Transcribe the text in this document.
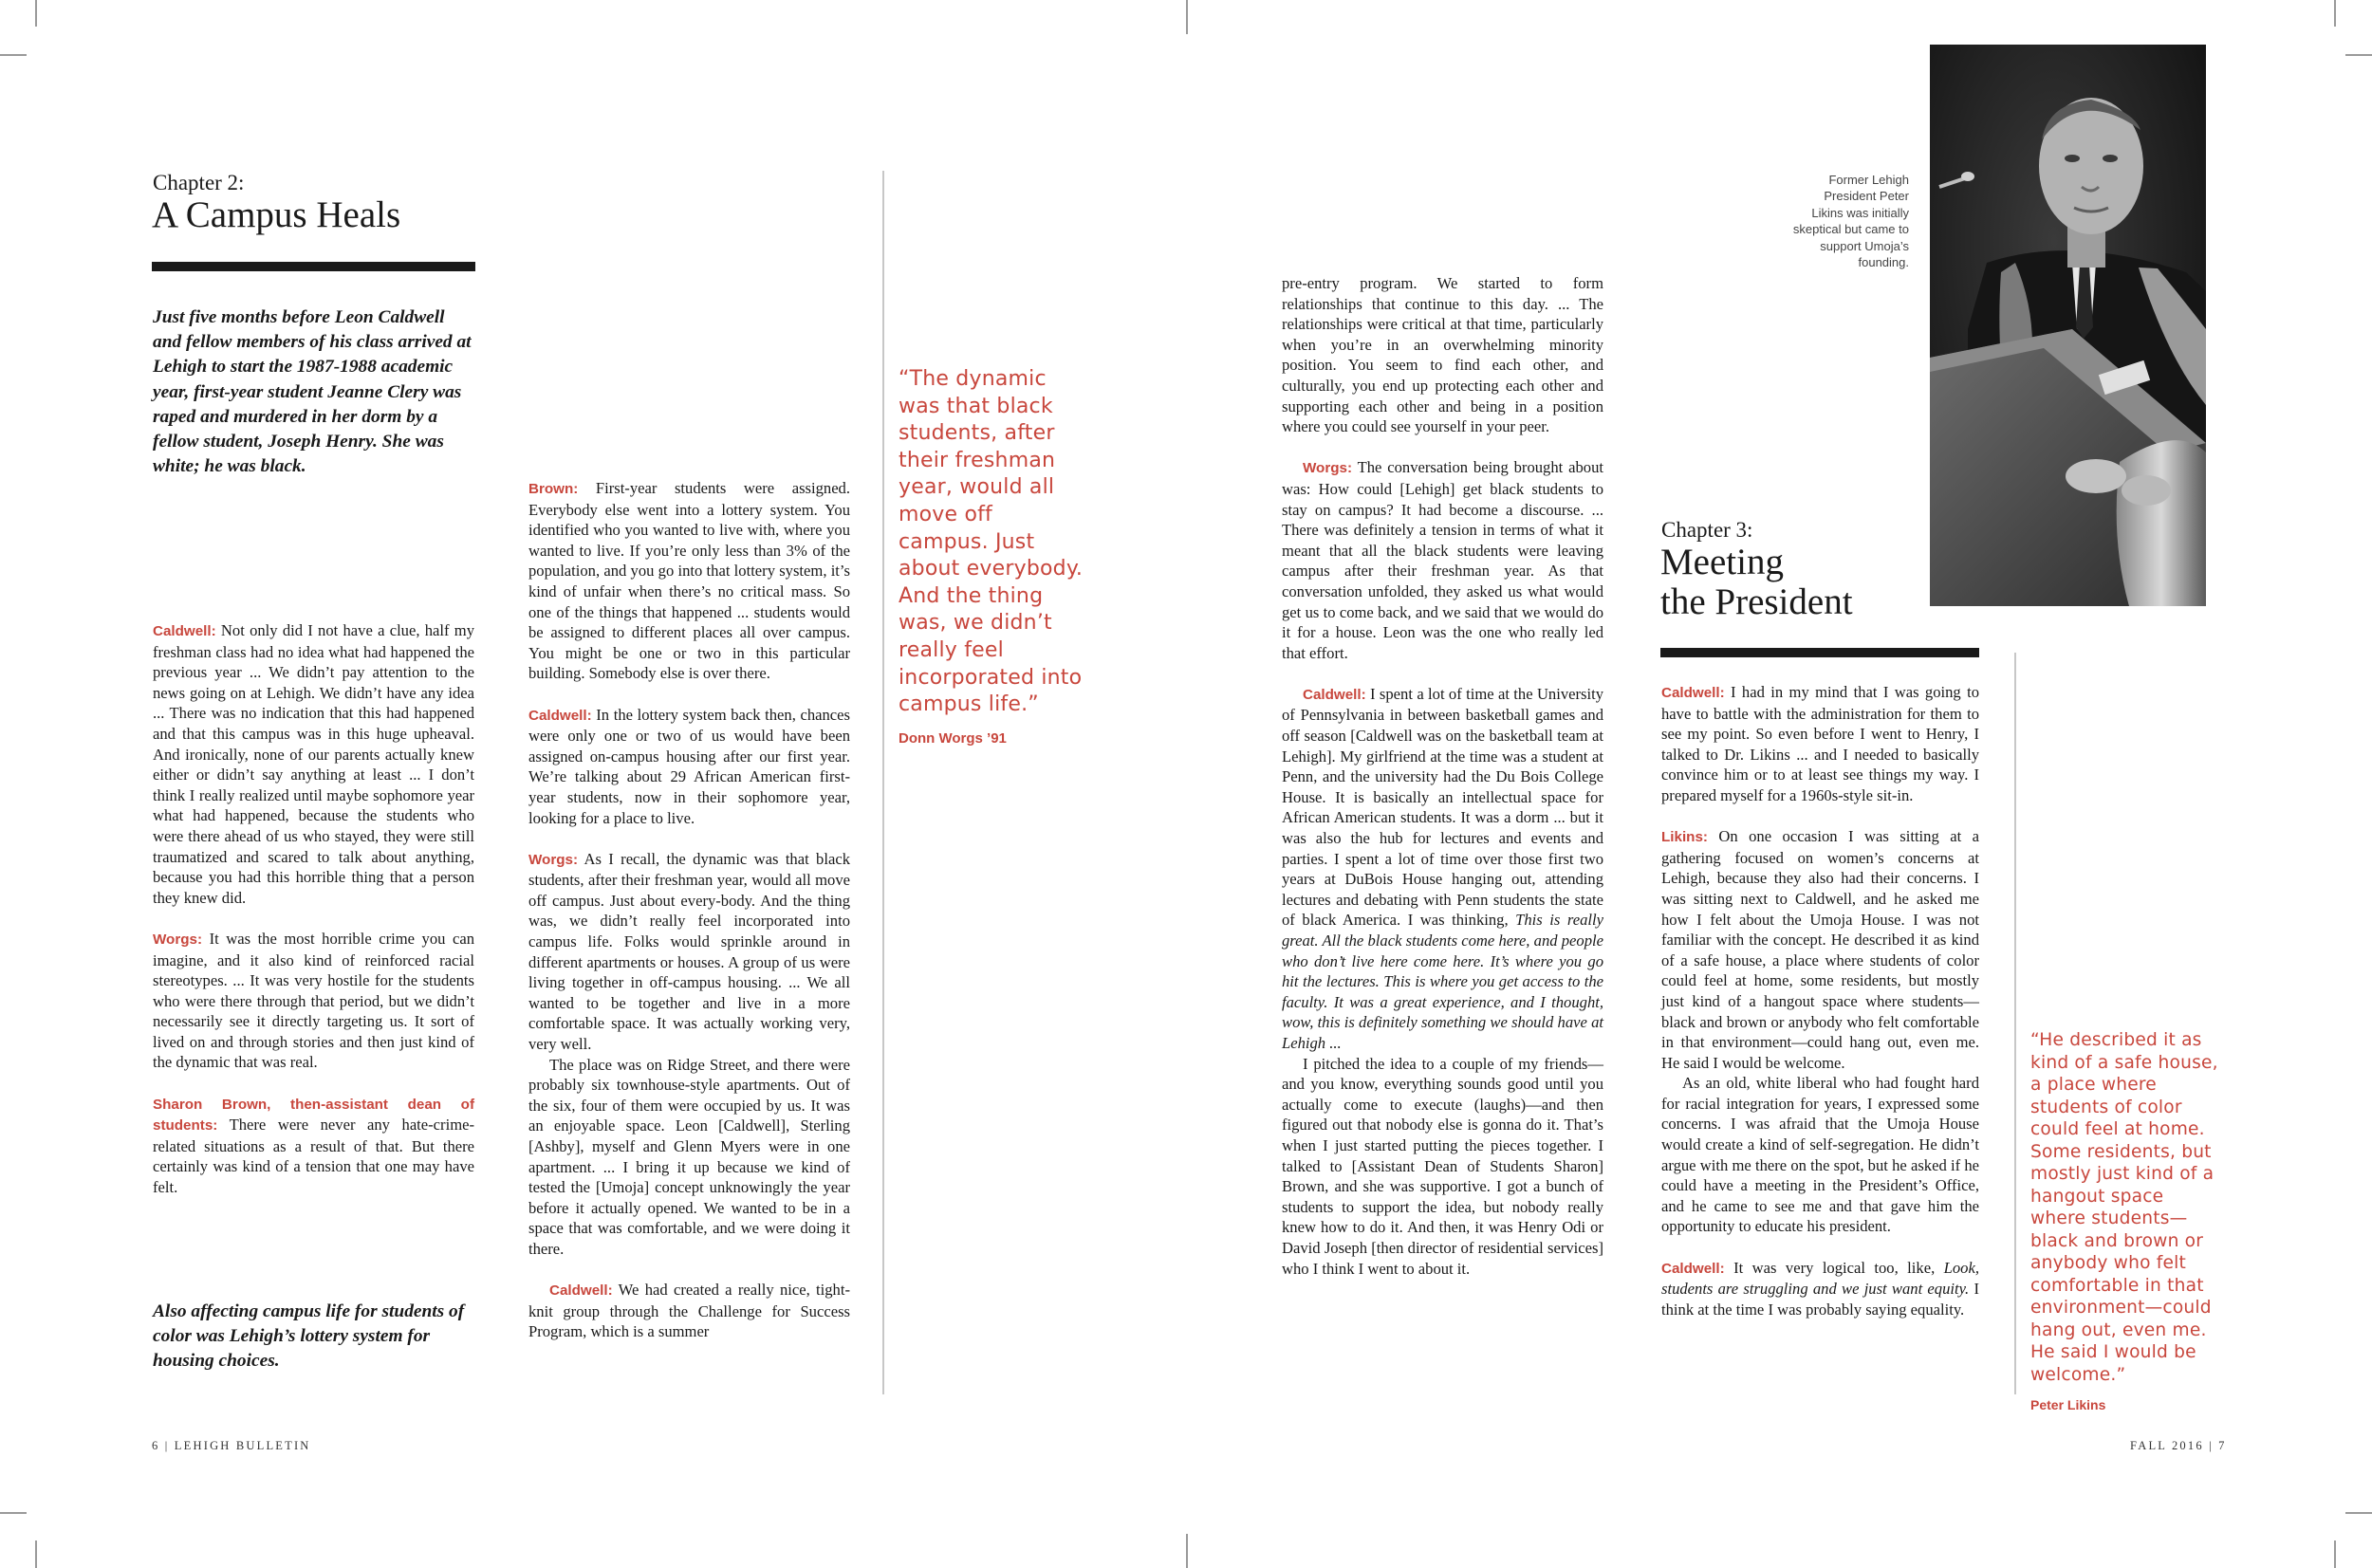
Chapter 2:
A Campus Heals
Just five months before Leon Caldwell and fellow members of his class arrived at Lehigh to start the 1987-1988 academic year, first-year student Jeanne Clery was raped and murdered in her dorm by a fellow student, Joseph Henry. She was white; he was black.

Caldwell: Not only did I not have a clue, half my freshman class had no idea what had happened the previous year ... We didn’t pay attention to the news going on at Lehigh. We didn’t have any idea ... There was no indication that this had happened and that this campus was in this huge upheaval. And ironically, none of our parents actually knew either or didn’t say anything at least ... I don’t think I really realized until maybe sophomore year what had happened, because the students who were there ahead of us who stayed, they were still traumatized and scared to talk about anything, because you had this horrible thing that a person they knew did.

Worgs: It was the most horrible crime you can imagine, and it also kind of reinforced racial stereotypes. ... It was very hostile for the students who were there through that period, but we didn’t necessarily see it directly targeting us. It sort of lived on and through stories and then just kind of the dynamic that was real.

Sharon Brown, then-assistant dean of students: There were never any hate-crime-related situations as a result of that. But there certainly was kind of a tension that one may have felt.

Also affecting campus life for students of color was Lehigh’s lottery system for housing choices.

Brown: First-year students were assigned. Everybody else went into a lottery system. You identified who you wanted to live with, where you wanted to live. If you’re only less than 3% of the population, and you go into that lottery system, it’s kind of unfair when there’s no critical mass. So one of the things that happened ... students would be assigned to different places all over campus. You might be one or two in this particular building. Somebody else is over there.

Caldwell: In the lottery system back then, chances were only one or two of us would have been assigned on-campus housing after our first year. We’re talking about 29 African American first-year students, now in their sophomore year, looking for a place to live.

Worgs: As I recall, the dynamic was that black students, after their freshman year, would all move off campus. Just about every-body. And the thing was, we didn’t really feel incorporated into campus life. Folks would sprinkle around in different apartments or houses. A group of us were living together in off-campus housing. ... We all wanted to be together and live in a more comfortable space. It was actually working very, very well.

The place was on Ridge Street, and there were probably six townhouse-style apartments. Out of the six, four of them were occupied by us. It was an enjoyable space. Leon [Caldwell], Sterling [Ashby], myself and Glenn Myers were in one apartment. ... I bring it up because we kind of tested the [Umoja] concept unknowingly the year before it actually opened. We wanted to be in a space that was comfortable, and we were doing it there.

Caldwell: We had created a really nice, tight-knit group through the Challenge for Success Program, which is a summer

“The dynamic was that black students, after their freshman year, would all move off campus. Just about everybody. And the thing was, we didn’t really feel incorporated into campus life.”
Donn Worgs ’91
6 | LEHIGH BULLETIN

pre-entry program. We started to form relationships that continue to this day. ... The relationships were critical at that time, particularly when you’re in an overwhelming minority position. You seem to find each other, and culturally, you end up protecting each other and supporting each other and being in a position where you could see yourself in your peer.

Worgs: The conversation being brought about was: How could [Lehigh] get black students to stay on campus? It had become a discourse. ... There was definitely a tension in terms of what it meant that all the black students were leaving campus after their freshman year. As that conversation unfolded, they asked us what would get us to come back, and we said that we would do it for a house. Leon was the one who really led that effort.

Caldwell: I spent a lot of time at the University of Pennsylvania in between basketball games and off season [Caldwell was on the basketball team at Lehigh]. My girlfriend at the time was a student at Penn, and the university had the Du Bois College House. It is basically an intellectual space for African American students. It was a dorm ... but it was also the hub for lectures and events and parties. I spent a lot of time over those first two years at DuBois House hanging out, attending lectures and debating with Penn students the state of black America. I was thinking, This is really great. All the black students come here, and people who don’t live here come here. It’s where you go hit the lectures. This is where you get access to the faculty. It was a great experience, and I thought, wow, this is definitely something we should have at Lehigh ...

I pitched the idea to a couple of my friends—and you know, everything sounds good until you actually come to execute (laughs)—and then figured out that nobody else is gonna do it. That’s when I just started putting the pieces together. I talked to [Assistant Dean of Students Sharon] Brown, and she was supportive. I got a bunch of students to support the idea, but nobody really knew how to do it. And then, it was Henry Odi or David Joseph [then director of residential services] who I think I went to about it.

Former Lehigh President Peter Likins was initially skeptical but came to support Umoja’s founding.
Chapter 3:
Meeting
the President

Caldwell: I had in my mind that I was going to have to battle with the administration for them to see my point. So even before I went to Henry, I talked to Dr. Likins ... and I needed to basically convince him or to at least see things my way. I prepared myself for a 1960s-style sit-in.

Likins: On one occasion I was sitting at a gathering focused on women’s concerns at Lehigh, because they also had their concerns. I was sitting next to Caldwell, and he asked me how I felt about the Umoja House. I was not familiar with the concept. He described it as kind of a safe house, a place where students of color could feel at home, some residents, but mostly just kind of a hangout space where students—black and brown or anybody who felt comfortable in that environment—could hang out, even me. He said I would be welcome.

As an old, white liberal who had fought hard for racial integration for years, I expressed some concerns. I was afraid that the Umoja House would create a kind of self-segregation. He didn’t argue with me there on the spot, but he asked if he could have a meeting in the President’s Office, and he came to see me and that gave him the opportunity to educate his president.

Caldwell: It was very logical too, like, Look, students are struggling and we just want equity. I think at the time I was probably saying equality.

“He described it as kind of a safe house, a place where students of color could feel at home. Some residents, but mostly just kind of a hangout space where students—black and brown or anybody who felt comfortable in that environment—could hang out, even me. He said I would be welcome.”
Peter Likins
FALL 2016 | 7
